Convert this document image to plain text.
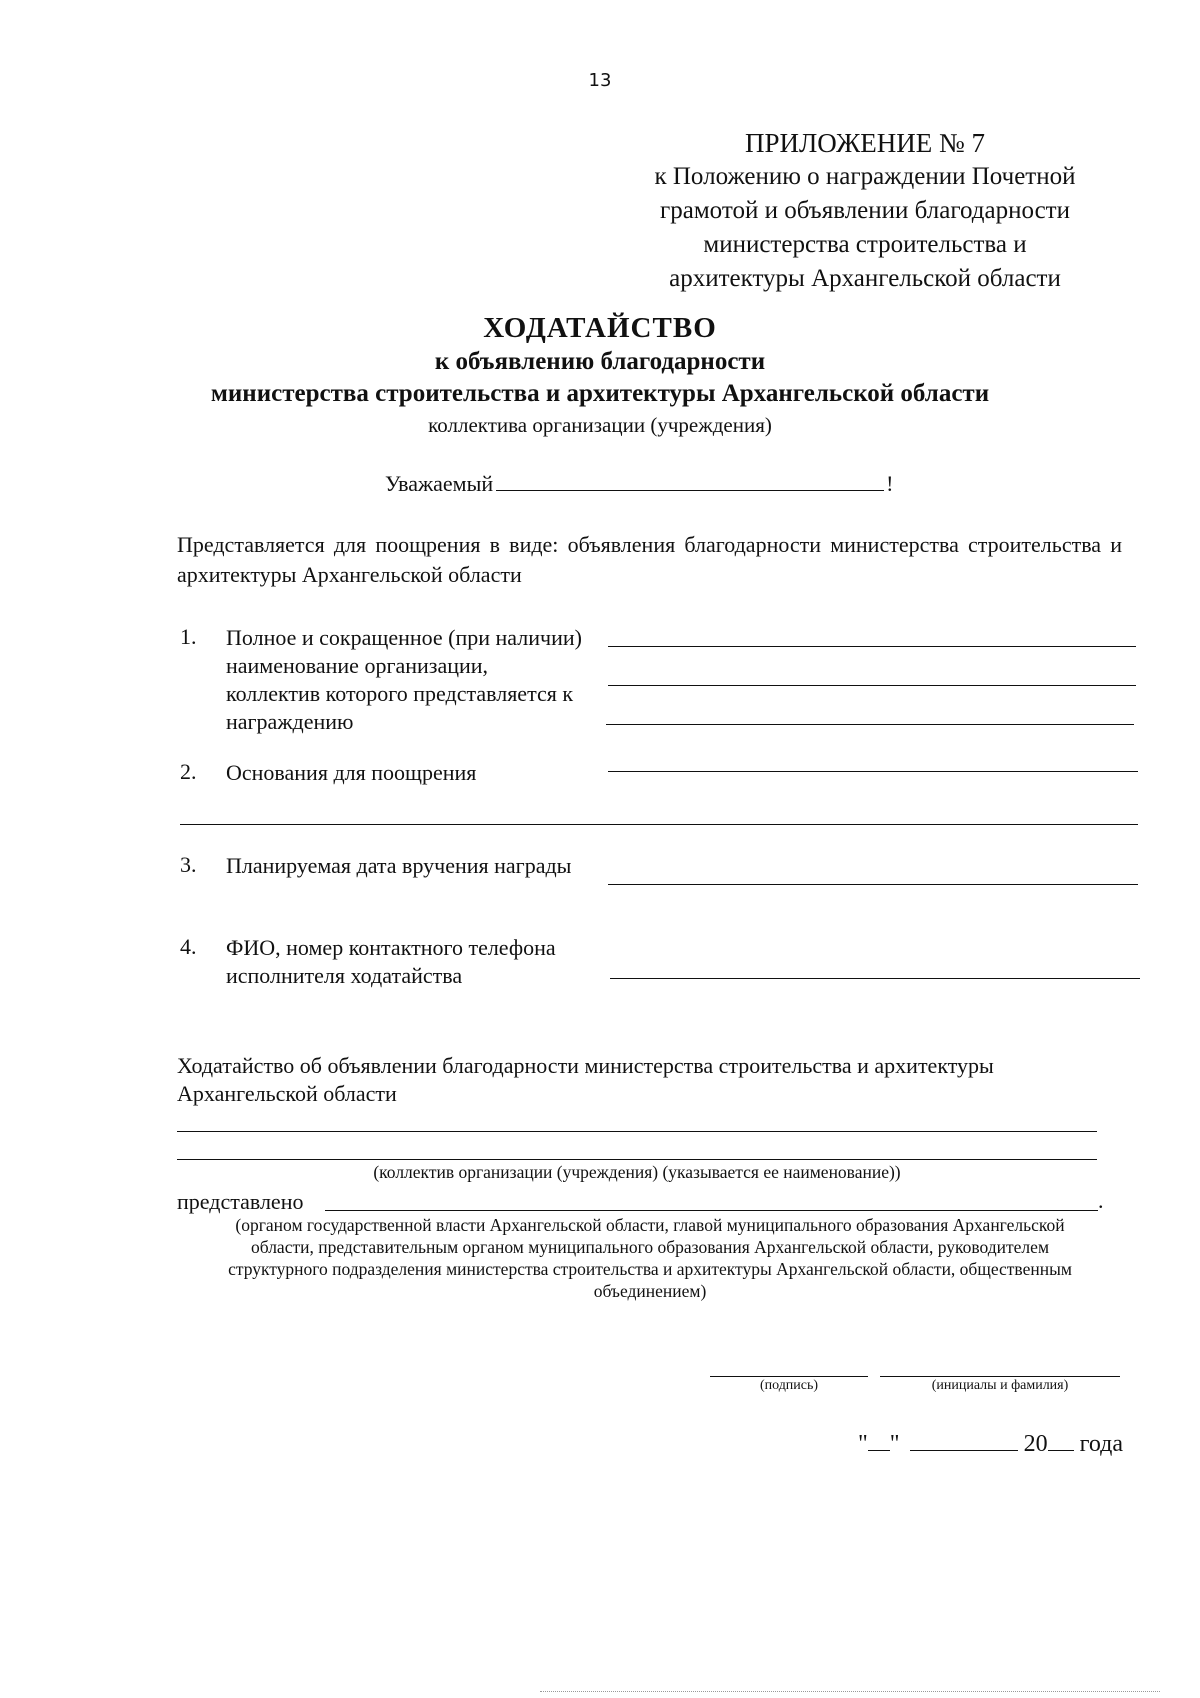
13
ПРИЛОЖЕНИЕ № 7
к Положению о награждении Почетной
грамотой и объявлении благодарности
министерства строительства и
архитектуры Архангельской области
ХОДАТАЙСТВО
к объявлению благодарности
министерства строительства и архитектуры Архангельской области
коллектива организации (учреждения)
Уважаемый	!
Представляется для поощрения в виде: объявления благодарности министерства строительства и архитектуры Архангельской области
1. Полное и сокращенное (при наличии) наименование организации, коллектив которого представляется к награждению
2. Основания для поощрения
3. Планируемая дата вручения награды
4. ФИО, номер контактного телефона исполнителя ходатайства
Ходатайство об объявлении благодарности министерства строительства и архитектуры Архангельской области
(коллектив организации (учреждения) (указывается ее наименование))
представлено	.
(органом государственной власти Архангельской области, главой муниципального образования Архангельской области, представительным органом муниципального образования Архангельской области, руководителем структурного подразделения министерства строительства и архитектуры Архангельской области, общественным объединением)
(подпись)	(инициалы и фамилия)
" "	20 года
